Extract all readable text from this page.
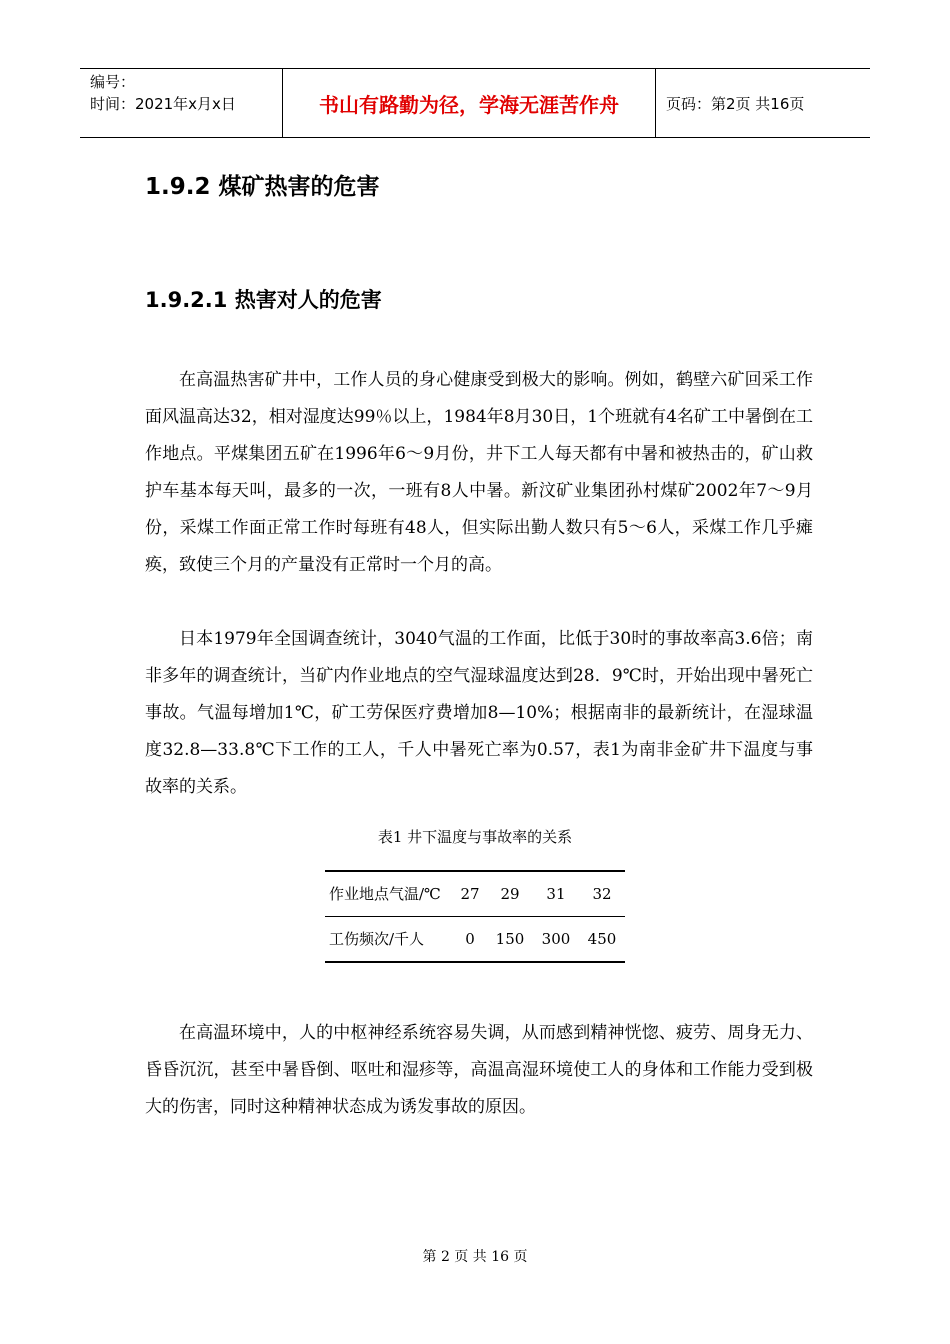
编号：
时间：2021年x月x日	书山有路勤为径，学海无涯苦作舟	页码：第2页 共16页
1.9.2 煤矿热害的危害
1.9.2.1 热害对人的危害

在高温热害矿井中，工作人员的身心健康受到极大的影响。例如，鹤壁六矿回采工作面风温高达32，相对湿度达99％以上，1984年8月30日，1个班就有4名矿工中暑倒在工作地点。平煤集团五矿在1996年6～9月份，井下工人每天都有中暑和被热击的，矿山救护车基本每天叫，最多的一次，一班有8人中暑。新汶矿业集团孙村煤矿2002年7～9月份，采煤工作面正常工作时每班有48人，但实际出勤人数只有5～6人，采煤工作几乎瘫痪，致使三个月的产量没有正常时一个月的高。

日本1979年全国调查统计，3040气温的工作面，比低于30时的事故率高3.6倍；南非多年的调查统计，当矿内作业地点的空气湿球温度达到28．9℃时，开始出现中暑死亡事故。气温每增加1℃，矿工劳保医疗费增加8—10%；根据南非的最新统计，在湿球温度32.8—33.8℃下工作的工人，千人中暑死亡率为0.57，表1为南非金矿井下温度与事故率的关系。

表1 井下温度与事故率的关系
作业地点气温/℃	27	29	31	32
工伤频次/千人	0	150	300	450

在高温环境中，人的中枢神经系统容易失调，从而感到精神恍惚、疲劳、周身无力、昏昏沉沉，甚至中暑昏倒、呕吐和湿疹等，高温高湿环境使工人的身体和工作能力受到极大的伤害，同时这种精神状态成为诱发事故的原因。

第 2 页 共 16 页
